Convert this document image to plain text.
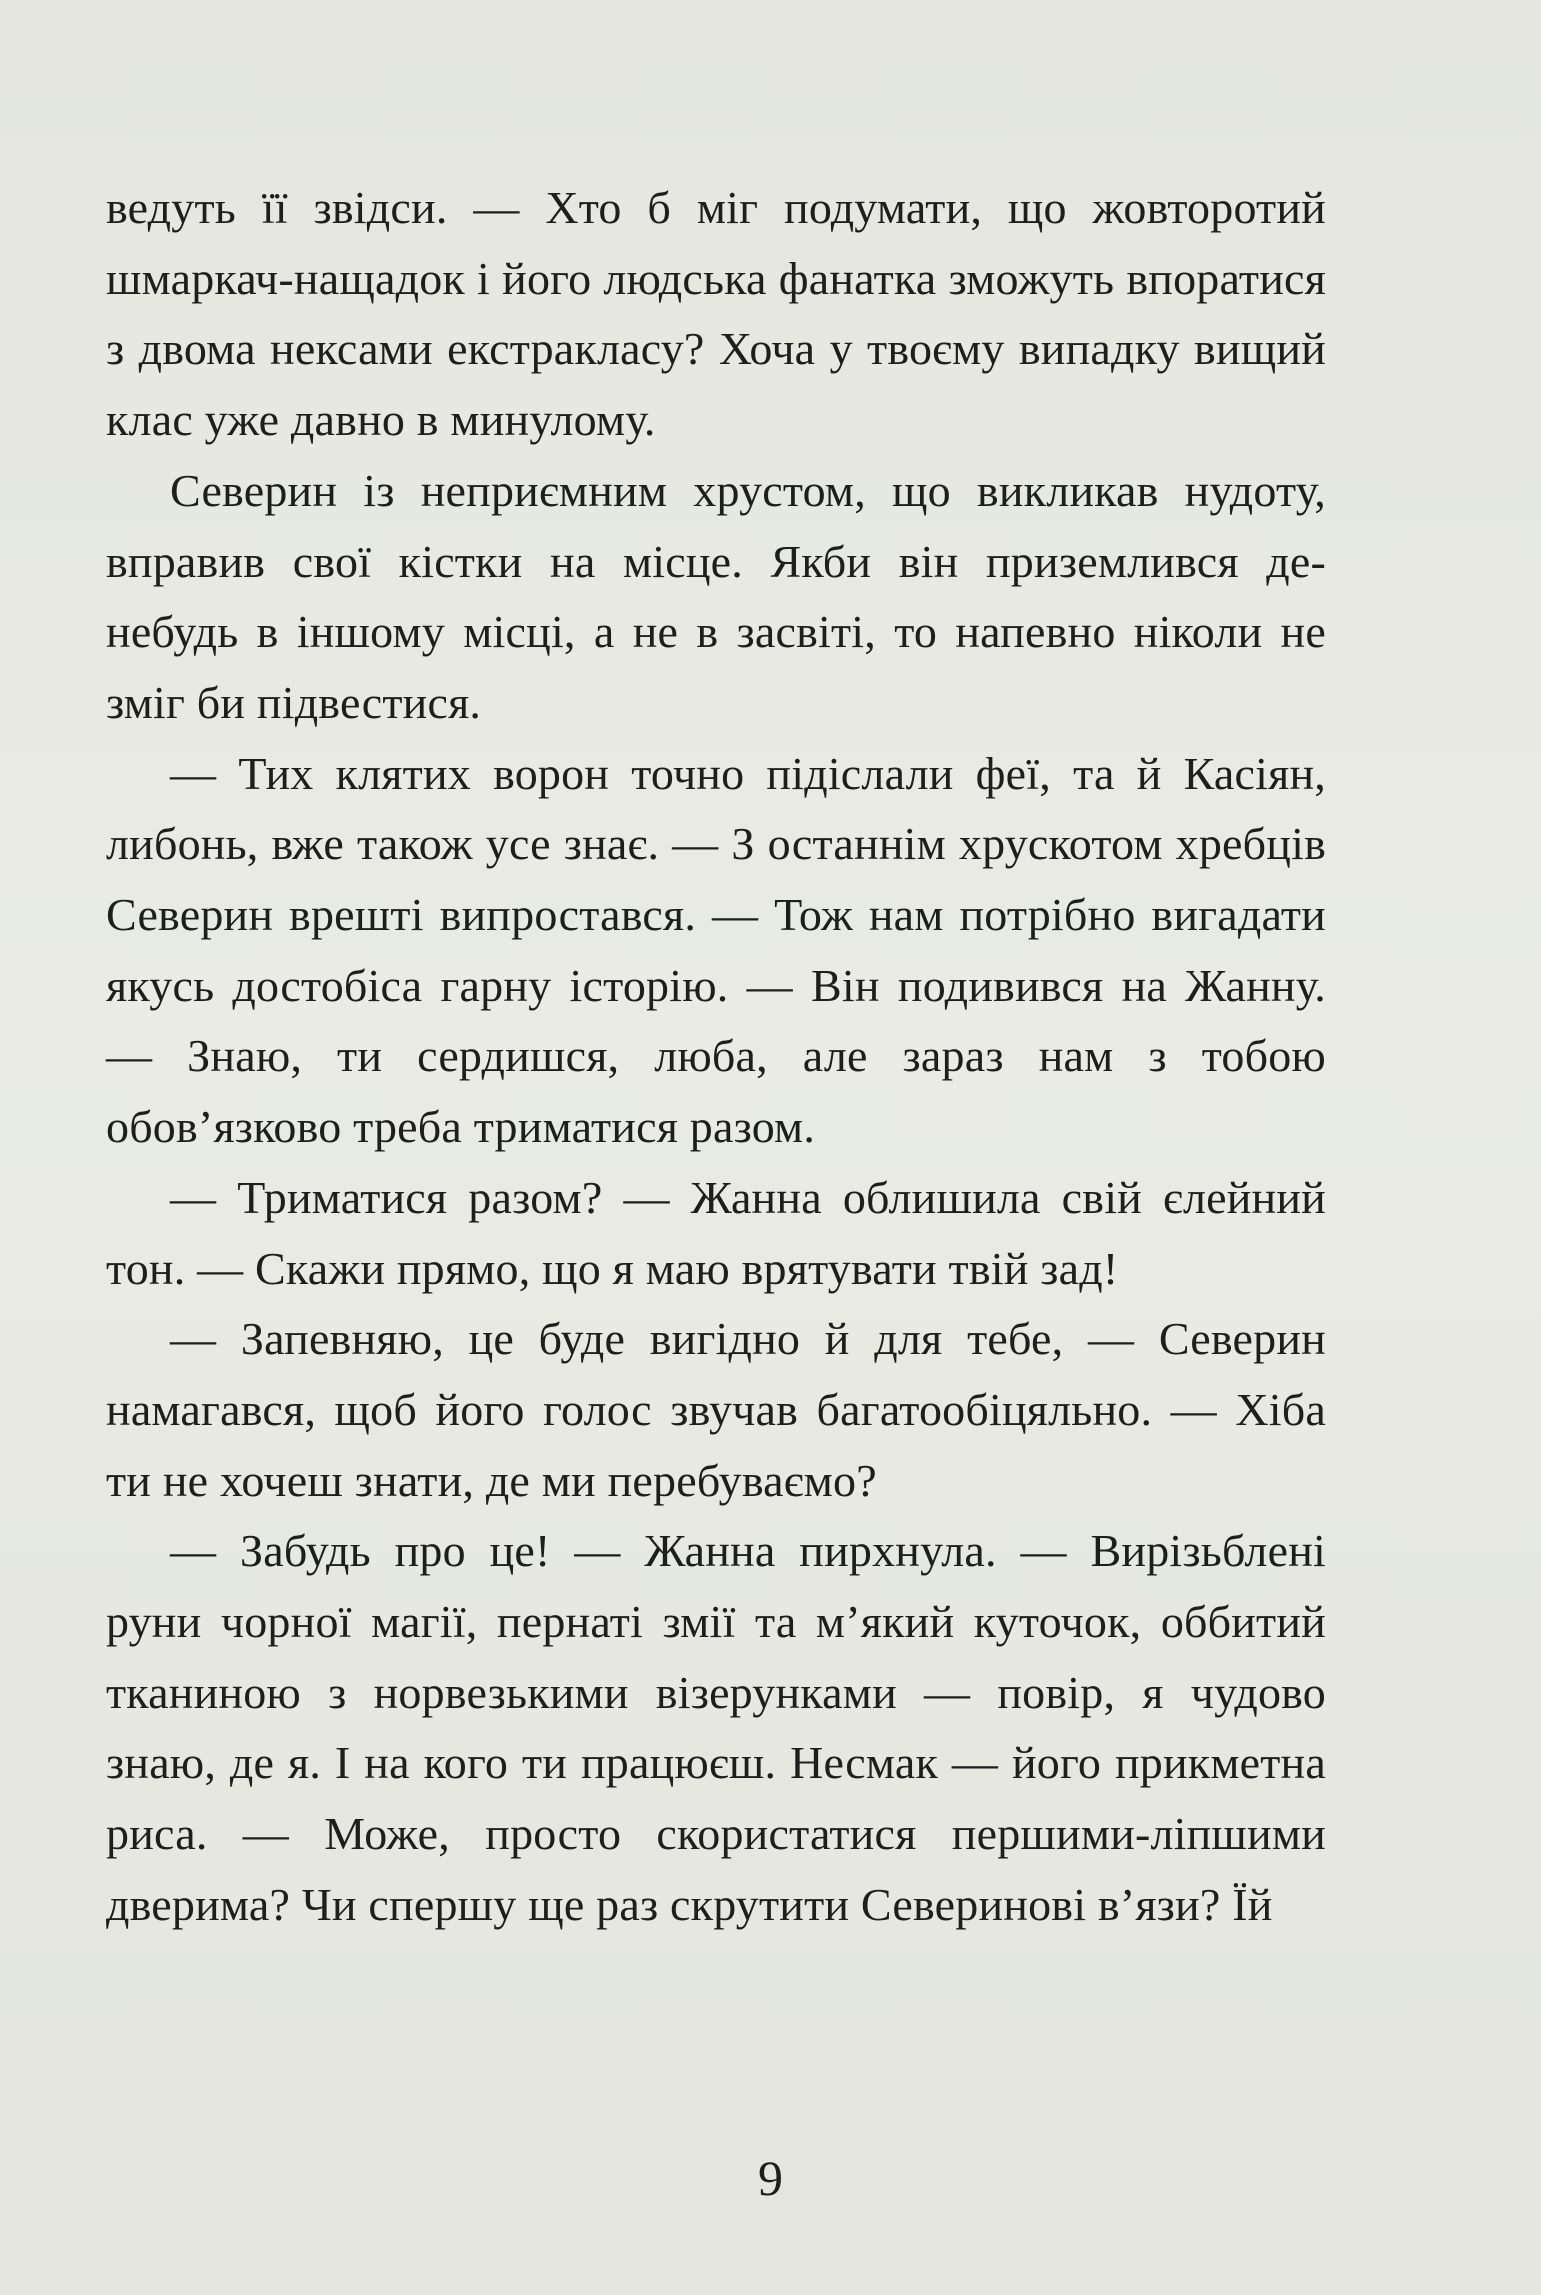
ведуть її звідси. — Хто б міг подумати, що жовторотий шмаркач-нащадок і його людська фанатка зможуть впоратися з двома нексами екстракласу? Хоча у твоєму випадку вищий клас уже давно в минулому.

Северин із неприємним хрустом, що викликав нудоту, вправив свої кістки на місце. Якби він приземлився де-небудь в іншому місці, а не в засвіті, то напевно ніколи не зміг би підвестися.

— Тих клятих ворон точно підіслали феї, та й Касіян, либонь, вже також усе знає. — З останнім хрускотом хребців Северин врешті випростався. — Тож нам потрібно вигадати якусь достобіса гарну історію. — Він подивився на Жанну. — Знаю, ти сердишся, люба, але зараз нам з тобою обов’язково треба триматися разом.

— Триматися разом? — Жанна облишила свій єлейний тон. — Скажи прямо, що я маю врятувати твій зад!

— Запевняю, це буде вигідно й для тебе, — Северин намагався, щоб його голос звучав багатообіцяльно. — Хіба ти не хочеш знати, де ми перебуваємо?

— Забудь про це! — Жанна пирхнула. — Вирізьблені руни чорної магії, пернаті змії та м’який куточок, оббитий тканиною з норвезькими візерунками — повір, я чудово знаю, де я. І на кого ти працюєш. Несмак — його прикметна риса. — Може, просто скористатися першими-ліпшими дверима? Чи спершу ще раз скрутити Северинові в’язи? Їй

9
